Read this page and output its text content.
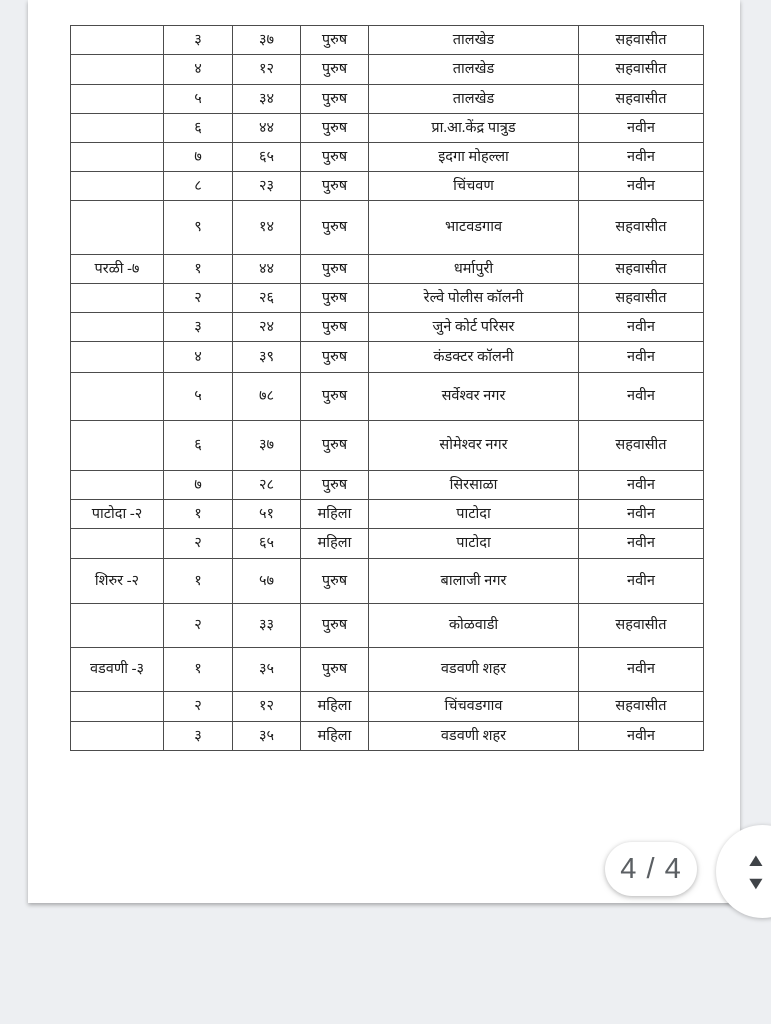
	३	३७	पुरुष	तालखेड	सहवासीत
	४	१२	पुरुष	तालखेड	सहवासीत
	५	३४	पुरुष	तालखेड	सहवासीत
	६	४४	पुरुष	प्रा.आ.केंद्र पात्रुड	नवीन
	७	६५	पुरुष	इदगा मोहल्ला	नवीन
	८	२३	पुरुष	चिंचवण	नवीन
	९	१४	पुरुष	भाटवडगाव	सहवासीत
परळी -७	१	४४	पुरुष	धर्मापुरी	सहवासीत
	२	२६	पुरुष	रेल्वे पोलीस कॉलनी	सहवासीत
	३	२४	पुरुष	जुने कोर्ट परिसर	नवीन
	४	३९	पुरुष	कंडक्टर कॉलनी	नवीन
	५	७८	पुरुष	सर्वेश्वर नगर	नवीन
	६	३७	पुरुष	सोमेश्वर नगर	सहवासीत
	७	२८	पुरुष	सिरसाळा	नवीन
पाटोदा -२	१	५१	महिला	पाटोदा	नवीन
	२	६५	महिला	पाटोदा	नवीन
शिरुर -२	१	५७	पुरुष	बालाजी नगर	नवीन
	२	३३	पुरुष	कोळवाडी	सहवासीत
वडवणी -३	१	३५	पुरुष	वडवणी शहर	नवीन
	२	१२	महिला	चिंचवडगाव	सहवासीत
	३	३५	महिला	वडवणी शहर	नवीन
4 / 4	▲
▼
